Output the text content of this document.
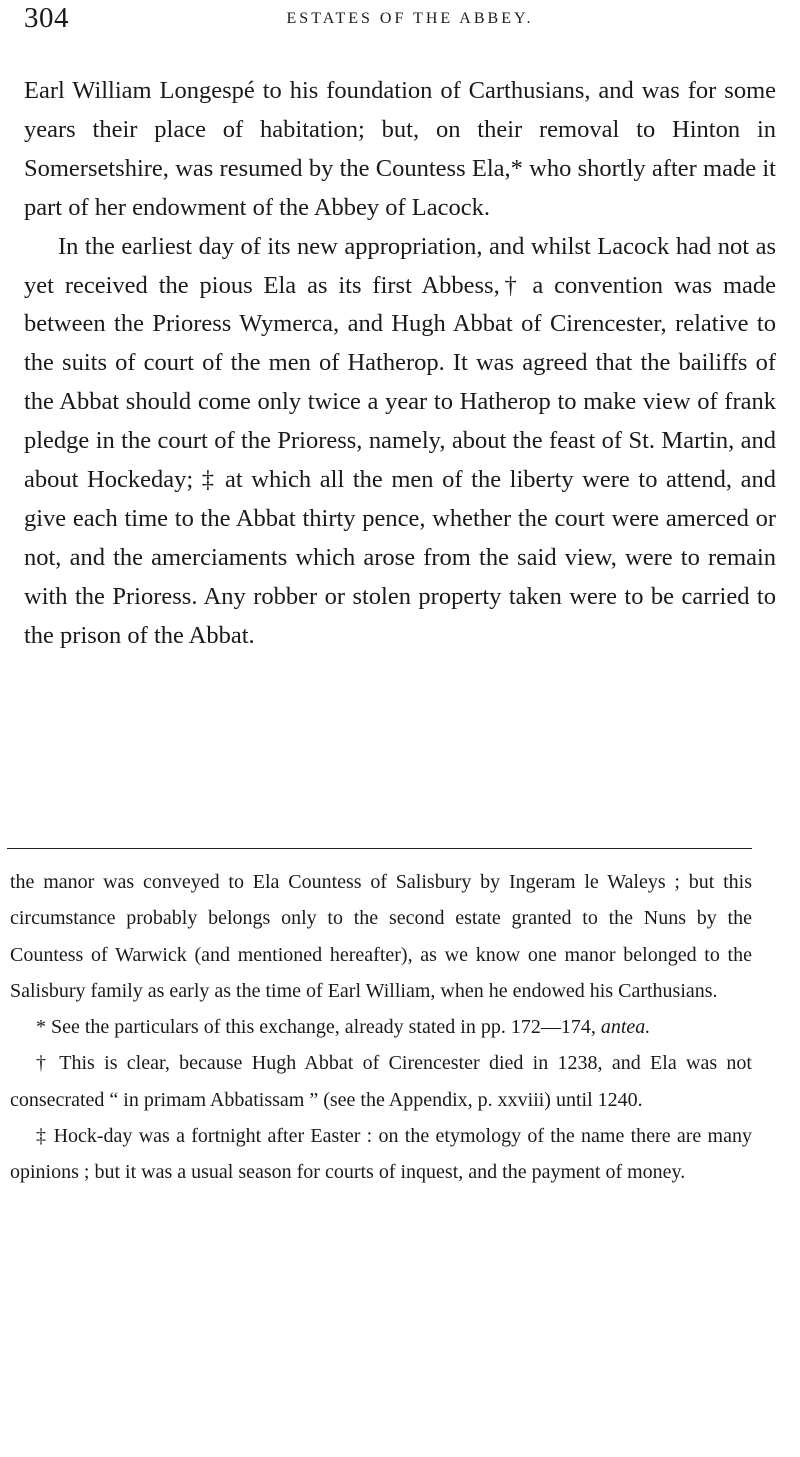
304	ESTATES OF THE ABBEY.

Earl William Longespé to his foundation of Carthusians, and was for some years their place of habitation; but, on their removal to Hinton in Somersetshire, was resumed by the Countess Ela,* who shortly after made it part of her endowment of the Abbey of Lacock.

In the earliest day of its new appropriation, and whilst Lacock had not as yet received the pious Ela as its first Abbess,† a convention was made between the Prioress Wymerca, and Hugh Abbat of Cirencester, relative to the suits of court of the men of Hatherop. It was agreed that the bailiffs of the Abbat should come only twice a year to Hatherop to make view of frank pledge in the court of the Prioress, namely, about the feast of St. Martin, and about Hockeday; ‡ at which all the men of the liberty were to attend, and give each time to the Abbat thirty pence, whether the court were amerced or not, and the amerciaments which arose from the said view, were to remain with the Prioress. Any robber or stolen property taken were to be carried to the prison of the Abbat.

the manor was conveyed to Ela Countess of Salisbury by Ingeram le Waleys ; but this circumstance probably belongs only to the second estate granted to the Nuns by the Countess of Warwick (and mentioned hereafter), as we know one manor belonged to the Salisbury family as early as the time of Earl William, when he endowed his Carthusians.

* See the particulars of this exchange, already stated in pp. 172—174, antea.

† This is clear, because Hugh Abbat of Cirencester died in 1238, and Ela was not consecrated “ in primam Abbatissam ” (see the Appendix, p. xxviii) until 1240.

‡ Hock-day was a fortnight after Easter : on the etymology of the name there are many opinions ; but it was a usual season for courts of inquest, and the payment of money.
